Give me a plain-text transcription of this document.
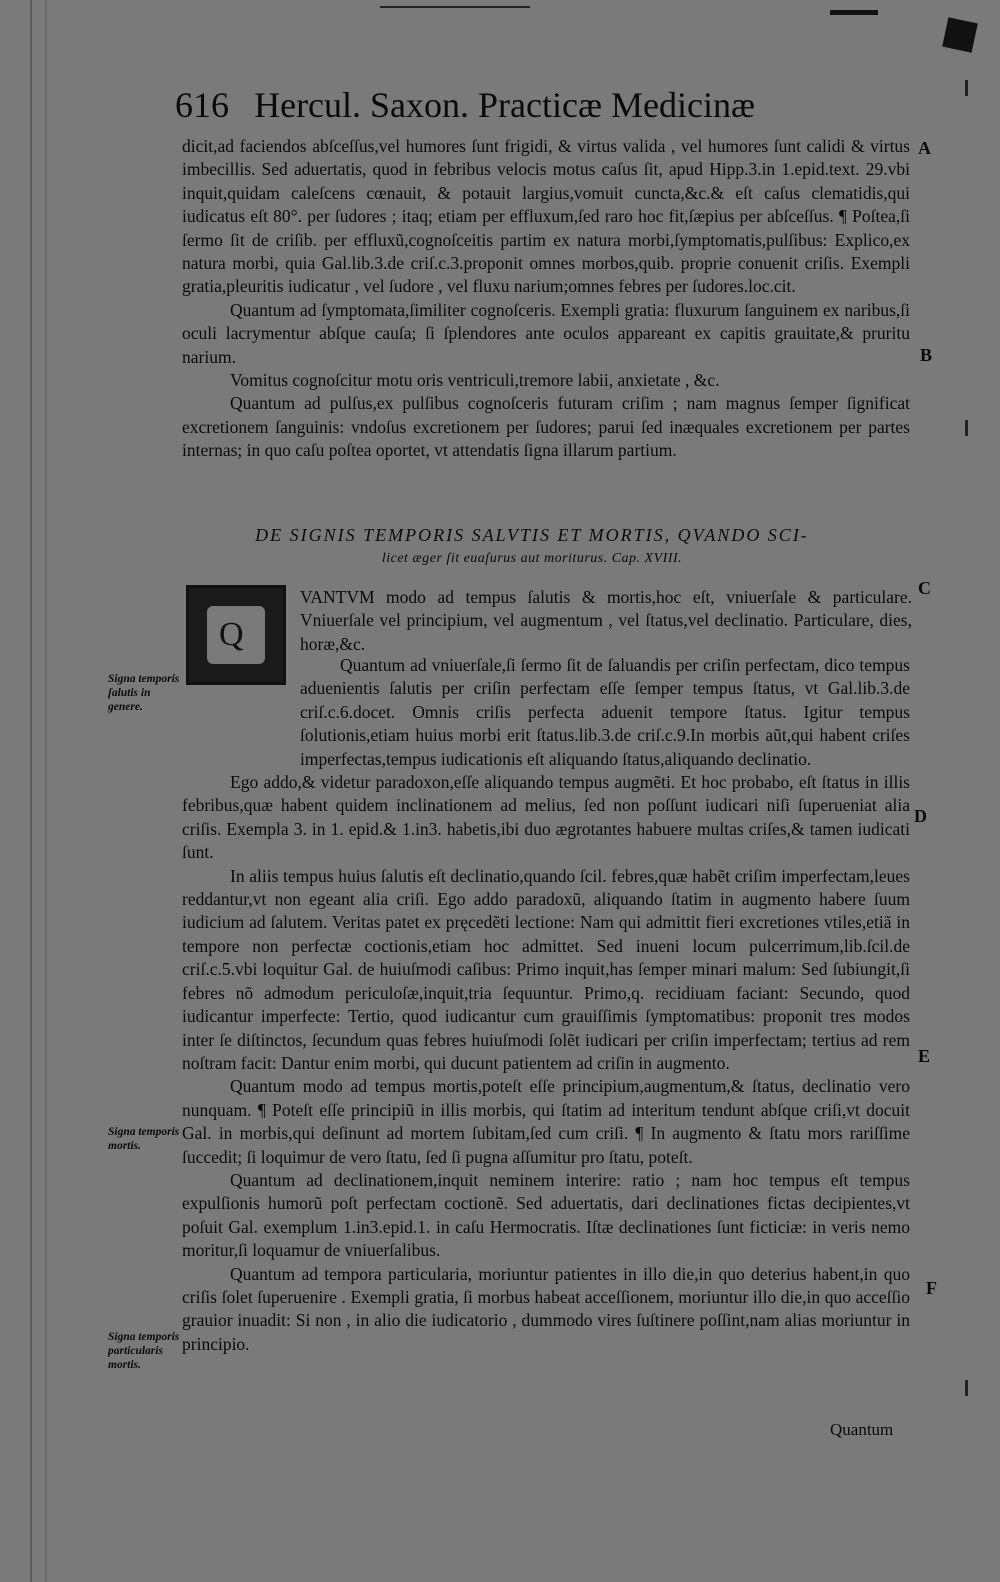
616 Hercul. Saxon. Practicæ Medicinæ

dicit,ad faciendos abſceſſus,vel humores ſunt frigidi, & virtus valida , vel humores ſunt calidi & virtus imbecillis. Sed aduertatis, quod in febribus velocis motus caſus ſit, apud Hipp.3.in 1.epid.text. 29.vbi inquit,quidam caleſcens cœnauit, & potauit largius,vomuit cuncta,&c.& eſt caſus clematidis,qui iudicatus eſt 80°. per ſudores ; itaq; etiam per effluxum,ſed raro hoc fit,ſæpius per abſceſſus. ¶ Poſtea,ſi ſermo ſit de criſib. per effluxũ,cognoſceitis partim ex natura morbi,ſymptomatis,pulſibus: Explico,ex natura morbi, quia Gal.lib.3.de criſ.c.3.proponit omnes morbos,quib. proprie conuenit criſis. Exempli gratia,pleuritis iudicatur , vel ſudore , vel fluxu narium;omnes febres per ſudores.loc.cit.

Quantum ad ſymptomata,ſimiliter cognoſceris. Exempli gratia: fluxurum ſanguinem ex naribus,ſi oculi lacrymentur abſque cauſa; ſi ſplendores ante oculos appareant ex capitis grauitate,& pruritu narium.

Vomitus cognoſcitur motu oris ventriculi,tremore labii, anxietate , &c.

Quantum ad pulſus,ex pulſibus cognoſceris futuram criſim ; nam magnus ſemper ſignificat excretionem ſanguinis: vndoſus excretionem per ſudores; parui ſed inæquales excretionem per partes internas; in quo caſu poſtea oportet, vt attendatis ſigna illarum partium.

DE SIGNIS TEMPORIS SALVTIS ET MORTIS, QVANDO SCI-
licet æger ſit euaſurus aut moriturus. Cap. XVIII.
Q

VANTVM modo ad tempus ſalutis & mortis,hoc eſt, vniuerſale & particulare. Vniuerſale vel principium, vel augmentum , vel ſtatus,vel declinatio. Particulare, dies, horæ,&c.

Quantum ad vniuerſale,ſi ſermo ſit de ſaluandis per criſin perfectam, dico tempus aduenientis ſalutis per criſin perfectam eſſe ſemper tempus ſtatus, vt Gal.lib.3.de criſ.c.6.docet. Omnis criſis perfecta aduenit tempore ſtatus. Igitur tempus ſolutionis,etiam huius morbi erit ſtatus.lib.3.de criſ.c.9.In morbis aũt,qui habent criſes imperfectas,tempus iudicationis eſt aliquando ſtatus,aliquando declinatio.

Ego addo,& videtur paradoxon,eſſe aliquando tempus augmẽti. Et hoc probabo, eſt ſtatus in illis febribus,quæ habent quidem inclinationem ad melius, ſed non poſſunt iudicari niſi ſuperueniat alia criſis. Exempla 3. in 1. epid.& 1.in3. habetis,ibi duo ægrotantes habuere multas criſes,& tamen iudicati ſunt.

In aliis tempus huius ſalutis eſt declinatio,quando ſcil. febres,quæ habẽt criſim imperfectam,leues reddantur,vt non egeant alia criſi. Ego addo paradoxũ, aliquando ſtatim in augmento habere ſuum iudicium ad ſalutem. Veritas patet ex pręcedẽti lectione: Nam qui admittit fieri excretiones vtiles,etiã in tempore non perfectæ coctionis,etiam hoc admittet. Sed inueni locum pulcerrimum,lib.ſcil.de criſ.c.5.vbi loquitur Gal. de huiuſmodi caſibus: Primo inquit,has ſemper minari malum: Sed ſubiungit,ſi febres nõ admodum periculoſæ,inquit,tria ſequuntur. Primo,q. recidiuam faciant: Secundo, quod iudicantur imperfecte: Tertio, quod iudicantur cum grauiſſimis ſymptomatibus: proponit tres modos inter ſe diſtinctos, ſecundum quas febres huiuſmodi ſolẽt iudicari per criſin imperfectam; tertius ad rem noſtram facit: Dantur enim morbi, qui ducunt patientem ad criſin in augmento.

Quantum modo ad tempus mortis,poteſt eſſe principium,augmentum,& ſtatus, declinatio vero nunquam. ¶ Poteſt eſſe principiũ in illis morbis, qui ſtatim ad interitum tendunt abſque criſi,vt docuit Gal. in morbis,qui deſinunt ad mortem ſubitam,ſed cum criſi. ¶ In augmento & ſtatu mors rariſſime ſuccedit; ſi loquimur de vero ſtatu, ſed ſi pugna aſſumitur pro ſtatu, poteſt.

Quantum ad declinationem,inquit neminem interire: ratio ; nam hoc tempus eſt tempus expulſionis humorũ poſt perfectam coctionẽ. Sed aduertatis, dari declinationes fictas decipientes,vt poſuit Gal. exemplum 1.in3.epid.1. in caſu Hermocratis. Iſtæ declinationes ſunt ficticiæ: in veris nemo moritur,ſi loquamur de vniuerſalibus.

Quantum ad tempora particularia, moriuntur patientes in illo die,in quo deterius habent,in quo criſis ſolet ſuperuenire . Exempli gratia, ſi morbus habeat acceſſionem, moriuntur illo die,in quo acceſſio grauior inuadit: Si non , in alio die iudicatorio , dummodo vires ſuſtinere poſſint,nam alias moriuntur in principio.

Signa temporis ſalutis in genere.
Signa temporis mortis.
Signa temporis particularis mortis.
A
B
C
D
E
F
Quantum
